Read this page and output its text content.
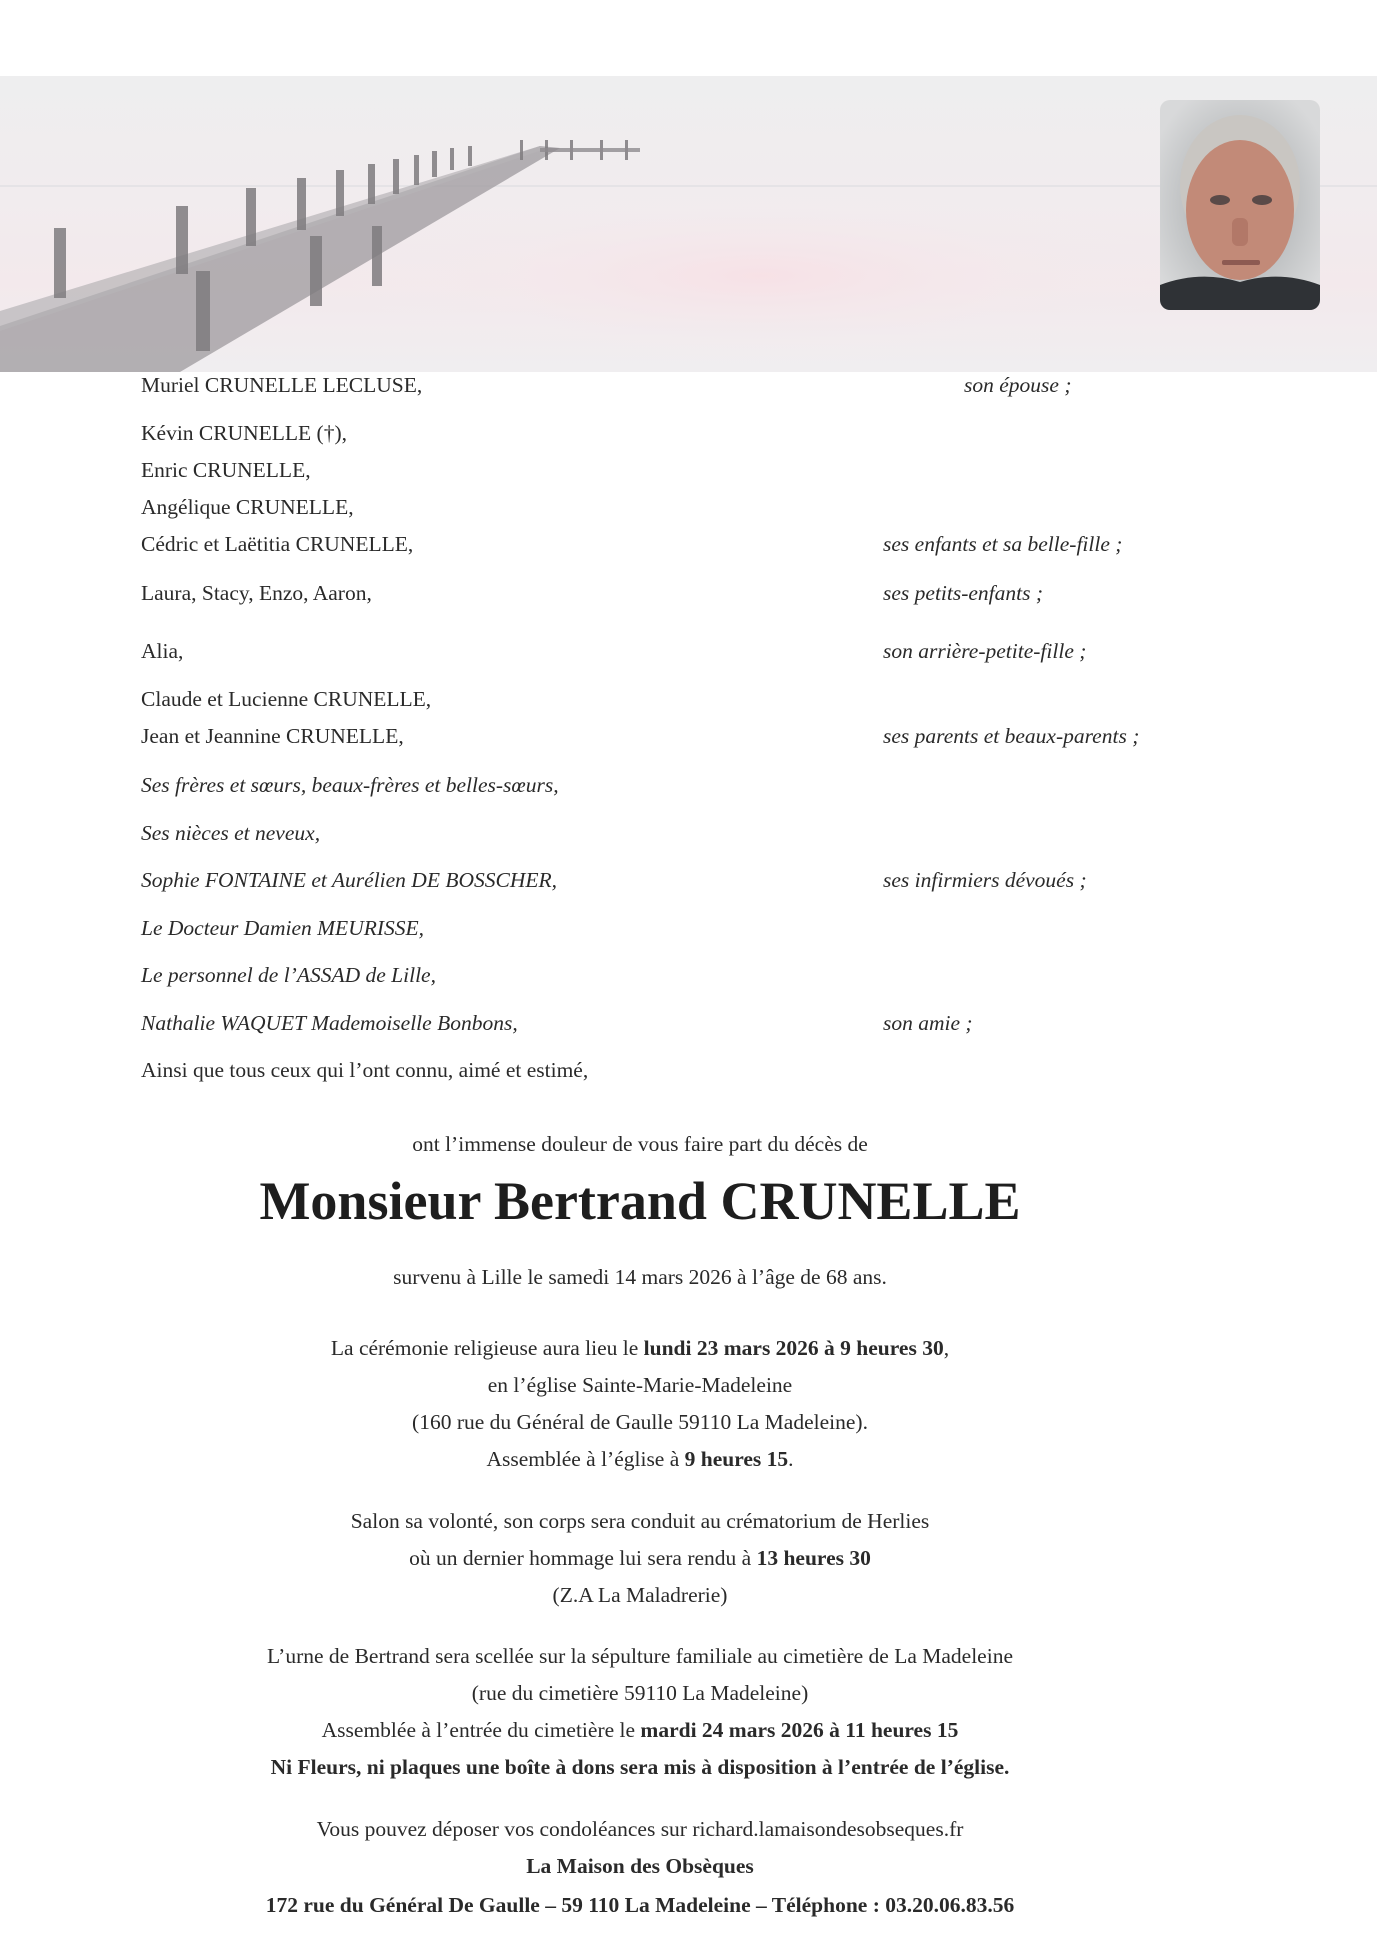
Muriel CRUNELLE LECLUSE,	son épouse ;
Kévin CRUNELLE (†),
Enric CRUNELLE,
Angélique CRUNELLE,
Cédric et Laëtitia CRUNELLE,	ses enfants et sa belle-fille ;
Laura, Stacy, Enzo, Aaron,	ses petits-enfants ;
Alia,	son arrière-petite-fille ;
Claude et Lucienne CRUNELLE,
Jean et Jeannine CRUNELLE,	ses parents et beaux-parents ;
Ses frères et sœurs, beaux-frères et belles-sœurs,
Ses nièces et neveux,
Sophie FONTAINE et Aurélien DE BOSSCHER,	ses infirmiers dévoués ;
Le Docteur Damien MEURISSE,
Le personnel de l’ASSAD de Lille,
Nathalie WAQUET Mademoiselle Bonbons,	son amie ;
Ainsi que tous ceux qui l’ont connu, aimé et estimé,
ont l’immense douleur de vous faire part du décès de
Monsieur Bertrand CRUNELLE
survenu à Lille le samedi 14 mars 2026 à l’âge de 68 ans.
La cérémonie religieuse aura lieu le lundi 23 mars 2026 à 9 heures 30,
en l’église Sainte-Marie-Madeleine
(160 rue du Général de Gaulle 59110 La Madeleine).
Assemblée à l’église à 9 heures 15.
Salon sa volonté, son corps sera conduit au crématorium de Herlies
où un dernier hommage lui sera rendu à 13 heures 30
(Z.A La Maladrerie)
L’urne de Bertrand sera scellée sur la sépulture familiale au cimetière de La Madeleine
(rue du cimetière 59110 La Madeleine)
Assemblée à l’entrée du cimetière le mardi 24 mars 2026 à 11 heures 15
Ni Fleurs, ni plaques une boîte à dons sera mis à disposition à l’entrée de l’église.
Vous pouvez déposer vos condoléances sur richard.lamaisondesobseques.fr
La Maison des Obsèques
172 rue du Général De Gaulle – 59 110 La Madeleine – Téléphone : 03.20.06.83.56
